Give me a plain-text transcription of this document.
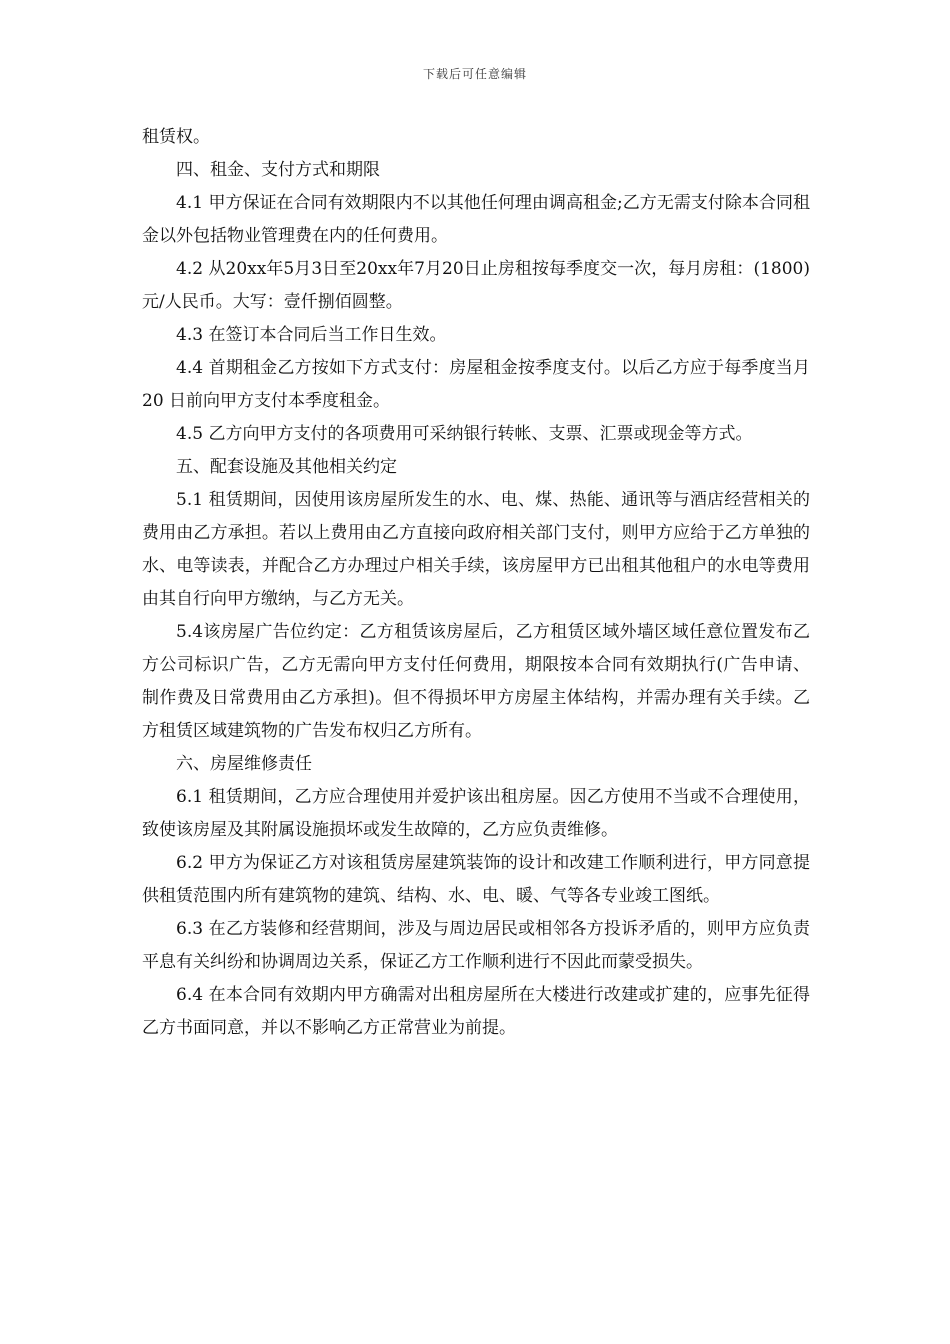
下载后可任意编辑

租赁权。

四、租金、支付方式和期限

4.1 甲方保证在合同有效期限内不以其他任何理由调高租金;乙方无需支付除本合同租金以外包括物业管理费在内的任何费用。

4.2 从20xx年5月3日至20xx年7月20日止房租按每季度交一次，每月房租：(1800)元/人民币。大写：壹仟捌佰圆整。

4.3 在签订本合同后当工作日生效。

4.4 首期租金乙方按如下方式支付：房屋租金按季度支付。以后乙方应于每季度当月 20 日前向甲方支付本季度租金。

4.5 乙方向甲方支付的各项费用可采纳银行转帐、支票、汇票或现金等方式。

五、配套设施及其他相关约定

5.1 租赁期间，因使用该房屋所发生的水、电、煤、热能、通讯等与酒店经营相关的费用由乙方承担。若以上费用由乙方直接向政府相关部门支付，则甲方应给于乙方单独的水、电等读表，并配合乙方办理过户相关手续，该房屋甲方已出租其他租户的水电等费用由其自行向甲方缴纳，与乙方无关。

5.4该房屋广告位约定：乙方租赁该房屋后，乙方租赁区域外墙区域任意位置发布乙方公司标识广告，乙方无需向甲方支付任何费用，期限按本合同有效期执行(广告申请、制作费及日常费用由乙方承担)。但不得损坏甲方房屋主体结构，并需办理有关手续。乙方租赁区域建筑物的广告发布权归乙方所有。

六、房屋维修责任

6.1 租赁期间，乙方应合理使用并爱护该出租房屋。因乙方使用不当或不合理使用，致使该房屋及其附属设施损坏或发生故障的，乙方应负责维修。

6.2 甲方为保证乙方对该租赁房屋建筑装饰的设计和改建工作顺利进行，甲方同意提供租赁范围内所有建筑物的建筑、结构、水、电、暖、气等各专业竣工图纸。

6.3 在乙方装修和经营期间，涉及与周边居民或相邻各方投诉矛盾的，则甲方应负责平息有关纠纷和协调周边关系，保证乙方工作顺利进行不因此而蒙受损失。

6.4 在本合同有效期内甲方确需对出租房屋所在大楼进行改建或扩建的，应事先征得乙方书面同意，并以不影响乙方正常营业为前提。
